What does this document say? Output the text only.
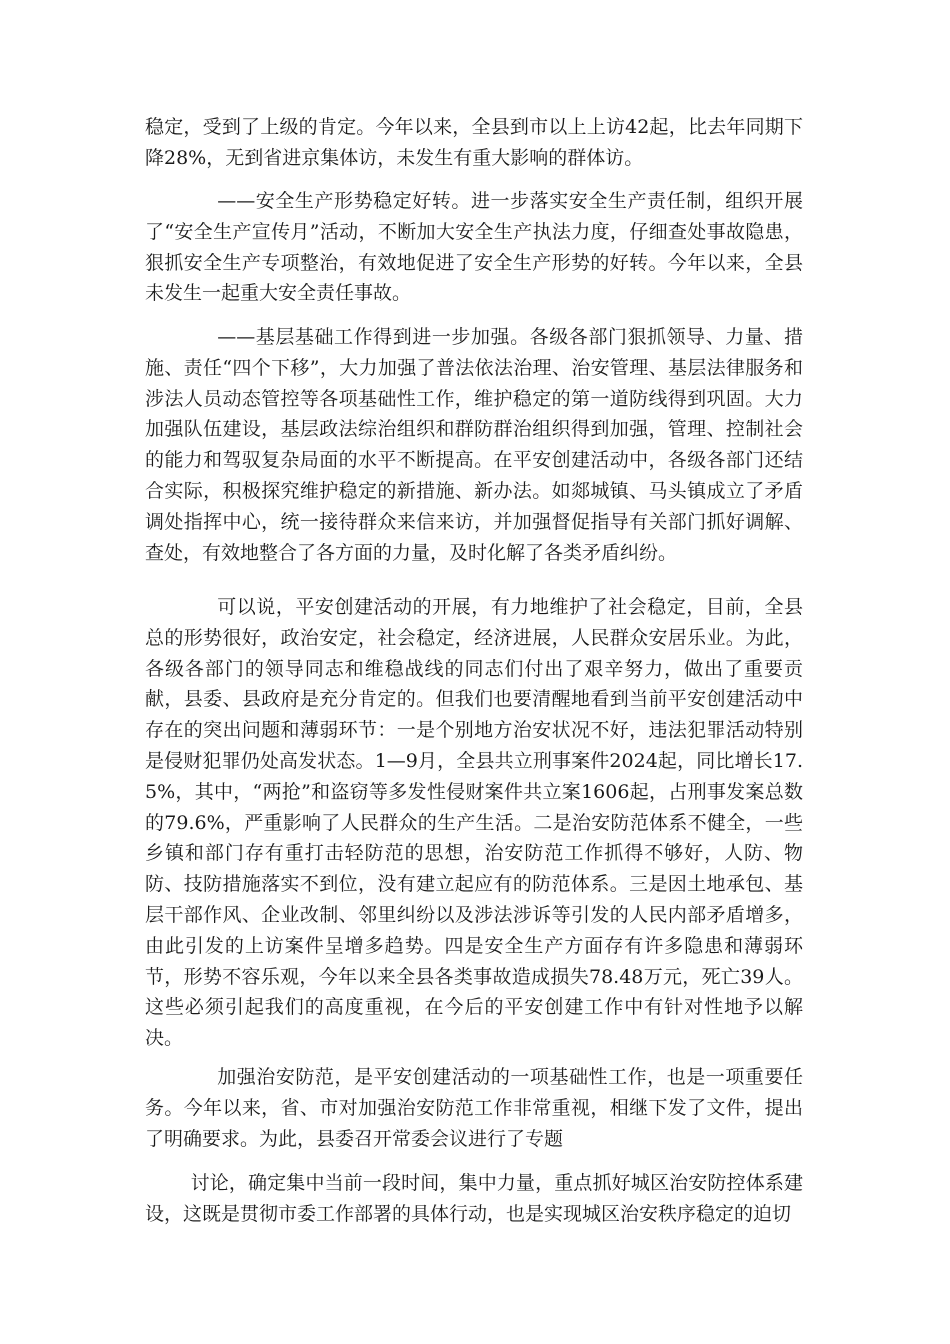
稳定，受到了上级的肯定。今年以来，全县到市以上上访42起，比去年同期下降28%，无到省进京集体访，未发生有重大影响的群体访。

——安全生产形势稳定好转。进一步落实安全生产责任制，组织开展了“安全生产宣传月”活动，不断加大安全生产执法力度，仔细查处事故隐患，狠抓安全生产专项整治，有效地促进了安全生产形势的好转。今年以来，全县未发生一起重大安全责任事故。

——基层基础工作得到进一步加强。各级各部门狠抓领导、力量、措施、责任“四个下移”，大力加强了普法依法治理、治安管理、基层法律服务和涉法人员动态管控等各项基础性工作，维护稳定的第一道防线得到巩固。大力加强队伍建设，基层政法综治组织和群防群治组织得到加强，管理、控制社会的能力和驾驭复杂局面的水平不断提高。在平安创建活动中，各级各部门还结合实际，积极探究维护稳定的新措施、新办法。如郯城镇、马头镇成立了矛盾调处指挥中心，统一接待群众来信来访，并加强督促指导有关部门抓好调解、查处，有效地整合了各方面的力量，及时化解了各类矛盾纠纷。

可以说，平安创建活动的开展，有力地维护了社会稳定，目前，全县总的形势很好，政治安定，社会稳定，经济进展，人民群众安居乐业。为此，各级各部门的领导同志和维稳战线的同志们付出了艰辛努力，做出了重要贡献，县委、县政府是充分肯定的。但我们也要清醒地看到当前平安创建活动中存在的突出问题和薄弱环节：一是个别地方治安状况不好，违法犯罪活动特别是侵财犯罪仍处高发状态。1—9月，全县共立刑事案件2024起，同比增长17.5%，其中，“两抢”和盗窃等多发性侵财案件共立案1606起，占刑事发案总数的79.6%，严重影响了人民群众的生产生活。二是治安防范体系不健全，一些乡镇和部门存有重打击轻防范的思想，治安防范工作抓得不够好，人防、物防、技防措施落实不到位，没有建立起应有的防范体系。三是因土地承包、基层干部作风、企业改制、邻里纠纷以及涉法涉诉等引发的人民内部矛盾增多，由此引发的上访案件呈增多趋势。四是安全生产方面存有许多隐患和薄弱环节，形势不容乐观，今年以来全县各类事故造成损失78.48万元，死亡39人。这些必须引起我们的高度重视，在今后的平安创建工作中有针对性地予以解决。

加强治安防范，是平安创建活动的一项基础性工作，也是一项重要任务。今年以来，省、市对加强治安防范工作非常重视，相继下发了文件，提出了明确要求。为此，县委召开常委会议进行了专题

讨论，确定集中当前一段时间，集中力量，重点抓好城区治安防控体系建设，这既是贯彻市委工作部署的具体行动，也是实现城区治安秩序稳定的迫切
